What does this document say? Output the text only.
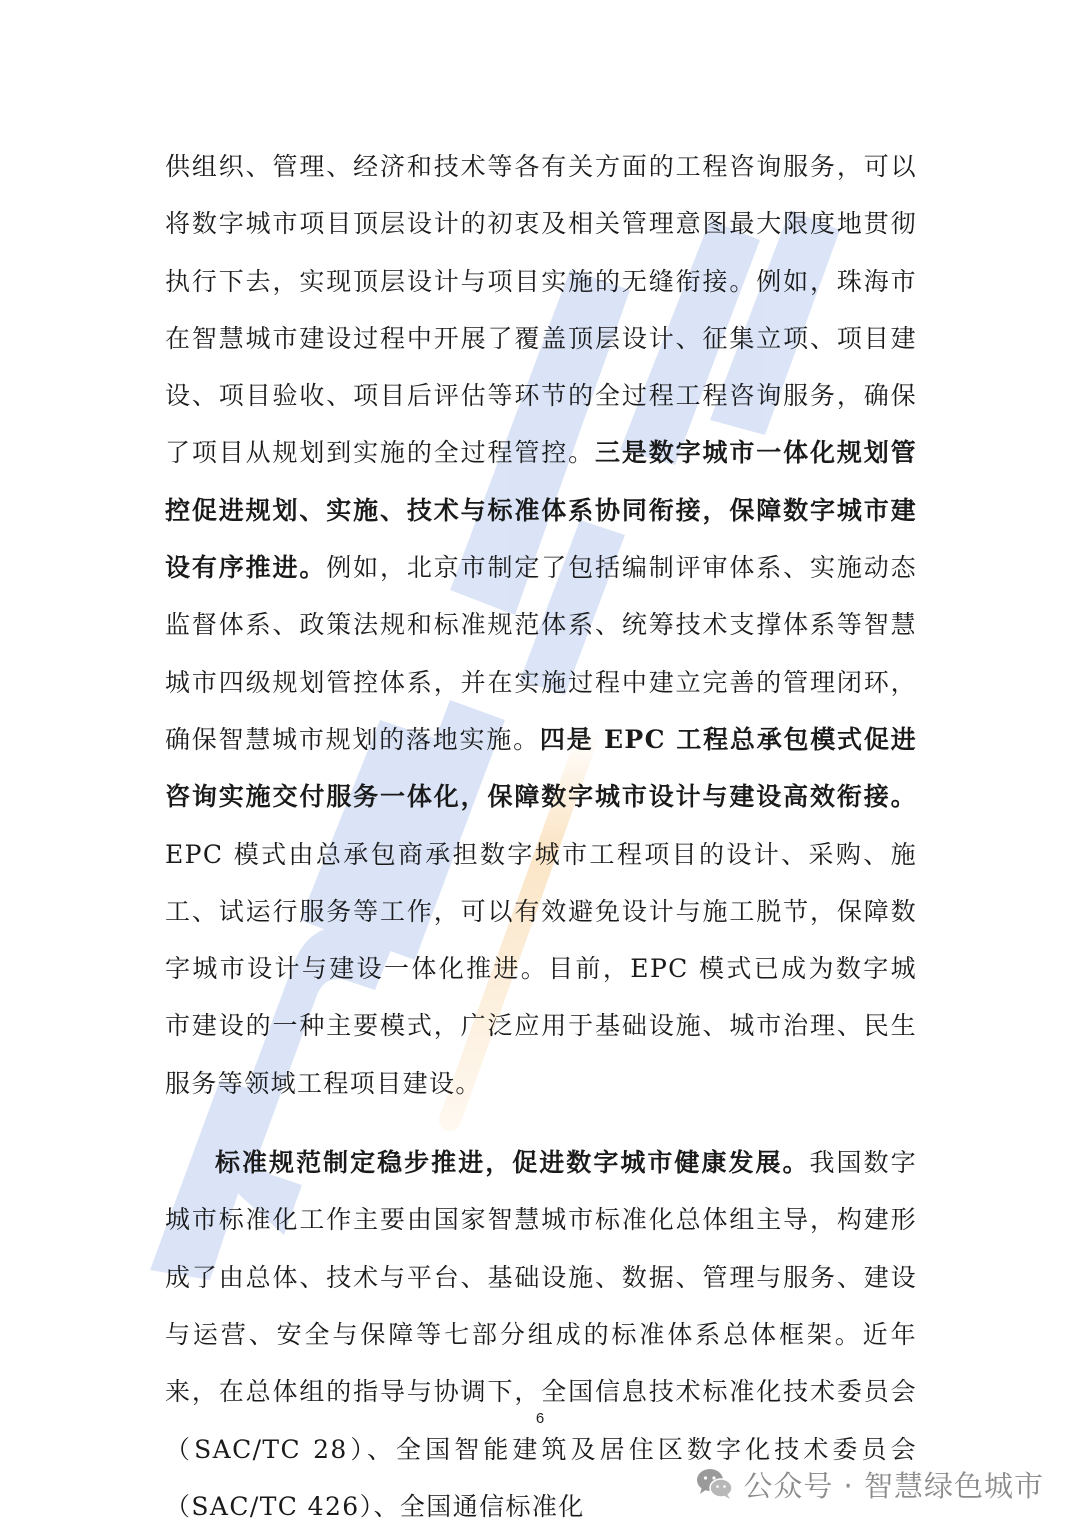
供组织、管理、经济和技术等各有关方面的工程咨询服务，可以将数字城市项目顶层设计的初衷及相关管理意图最大限度地贯彻执行下去，实现顶层设计与项目实施的无缝衔接。例如，珠海市在智慧城市建设过程中开展了覆盖顶层设计、征集立项、项目建设、项目验收、项目后评估等环节的全过程工程咨询服务，确保了项目从规划到实施的全过程管控。三是数字城市一体化规划管控促进规划、实施、技术与标准体系协同衔接，保障数字城市建设有序推进。例如，北京市制定了包括编制评审体系、实施动态监督体系、政策法规和标准规范体系、统筹技术支撑体系等智慧城市四级规划管控体系，并在实施过程中建立完善的管理闭环，确保智慧城市规划的落地实施。四是 EPC 工程总承包模式促进咨询实施交付服务一体化，保障数字城市设计与建设高效衔接。EPC 模式由总承包商承担数字城市工程项目的设计、采购、施工、试运行服务等工作，可以有效避免设计与施工脱节，保障数字城市设计与建设一体化推进。目前，EPC 模式已成为数字城市建设的一种主要模式，广泛应用于基础设施、城市治理、民生服务等领域工程项目建设。

标准规范制定稳步推进，促进数字城市健康发展。我国数字城市标准化工作主要由国家智慧城市标准化总体组主导，构建形成了由总体、技术与平台、基础设施、数据、管理与服务、建设与运营、安全与保障等七部分组成的标准体系总体框架。近年来，在总体组的指导与协调下，全国信息技术标准化技术委员会（SAC/TC 28）、全国智能建筑及居住区数字化技术委员会（SAC/TC 426）、全国通信标准化

6
公众号 · 智慧绿色城市
